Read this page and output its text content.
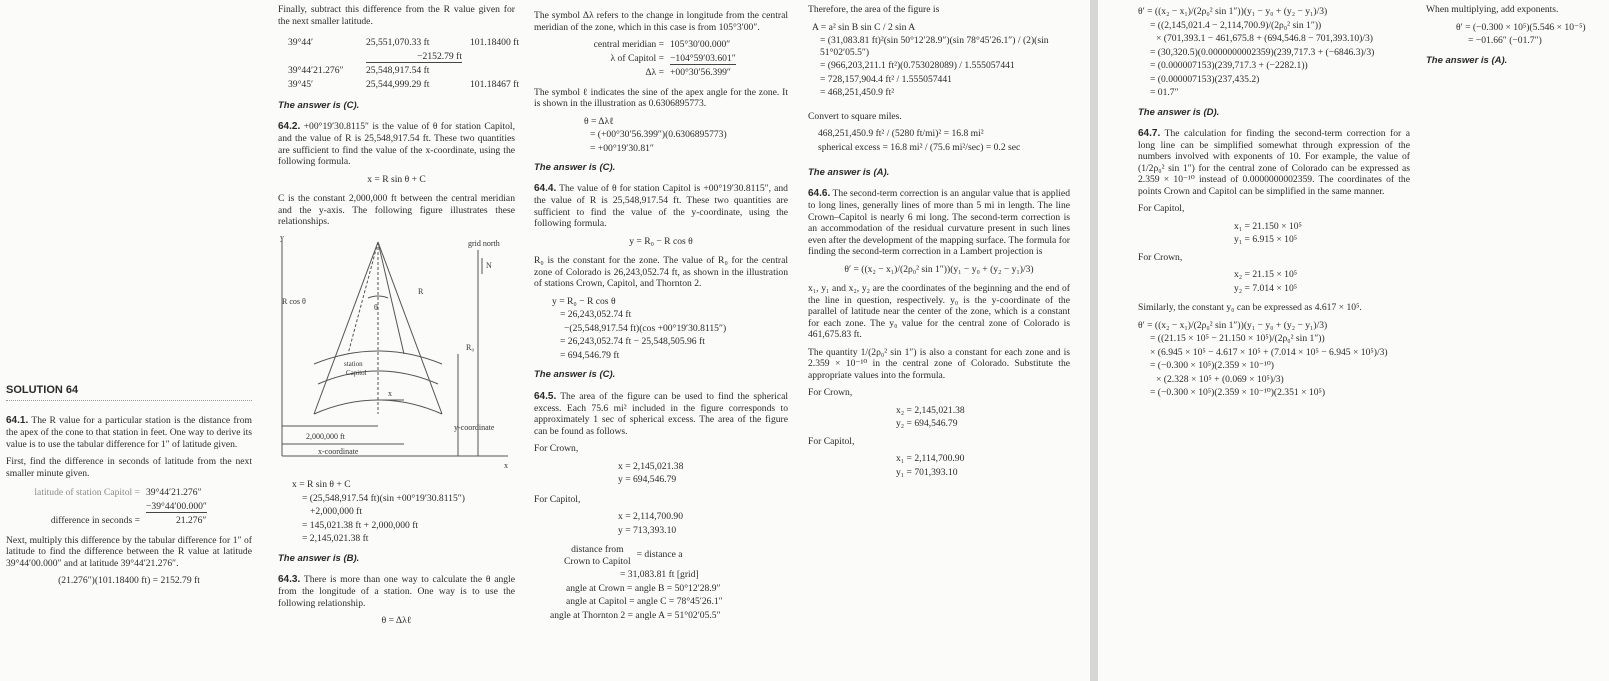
SOLUTION 64

64.1. The R value for a particular station is the distance from the apex of the cone to that station in feet. One way to derive its value is to use the tabular difference for 1″ of latitude given.

First, find the difference in seconds of latitude from the next smaller minute given.

latitude of station Capitol = 39°44′21.276″
−39°44′00.000″
difference in seconds =	21.276″

Next, multiply this difference by the tabular difference for 1″ of latitude to find the difference between the R value at latitude 39°44′00.000″ and at latitude 39°44′21.276″.

(21.276″)(101.18400 ft) = 2152.79 ft

Finally, subtract this difference from the R value given for the next smaller latitude.

39°44′	25,551,070.33 ft	101.18400 ft
−2152.79 ft
39°44′21.276″	25,548,917.54 ft
39°45′	25,544,999.29 ft	101.18467 ft
The answer is (C).

64.2. +00°19′30.8115″ is the value of θ for station Capitol, and the value of R is 25,548,917.54 ft. These two quantities are sufficient to find the value of the x-coordinate, using the following formula.

x = R sin θ + C

C is the constant 2,000,000 ft between the central meridian and the y-axis. The following figure illustrates these relationships.

y
grid north
N
θ
R cos θ
R
R₀
station
Capitol
x
2,000,000 ft
x-coordinate
y-coordinate
x
x = R sin θ + C
= (25,548,917.54 ft)(sin +00°19′30.8115″)
+2,000,000 ft
= 145,021.38 ft + 2,000,000 ft
= 2,145,021.38 ft
The answer is (B).

64.3. There is more than one way to calculate the θ angle from the longitude of a station. One way is to use the following relationship.

θ = Δλℓ

The symbol Δλ refers to the change in longitude from the central meridian of the zone, which in this case is from 105°3′00″.

central meridian = 105°30′00.000″
λ of Capitol = −104°59′03.601″
Δλ = +00°30′56.399″

The symbol ℓ indicates the sine of the apex angle for the zone. It is shown in the illustration as 0.6306895773.

θ = Δλℓ
= (+00°30′56.399″)(0.6306895773)
= +00°19′30.81″
The answer is (C).

64.4. The value of θ for station Capitol is +00°19′30.8115″, and the value of R is 25,548,917.54 ft. These two quantities are sufficient to find the value of the y-coordinate, using the following formula.

y = R₀ − R cos θ

R₀ is the constant for the zone. The value of R₀ for the central zone of Colorado is 26,243,052.74 ft, as shown in the illustration of stations Crown, Capitol, and Thornton 2.

y = R₀ − R cos θ
= 26,243,052.74 ft
−(25,548,917.54 ft)(cos +00°19′30.8115″)
= 26,243,052.74 ft − 25,548,505.96 ft
= 694,546.79 ft
The answer is (C).

64.5. The area of the figure can be used to find the spherical excess. Each 75.6 mi² included in the figure corresponds to approximately 1 sec of spherical excess. The area of the figure can be found as follows.

For Crown,

x = 2,145,021.38
y = 694,546.79

For Capitol,

x = 2,114,700.90
y = 713,393.10
distance from
Crown to Capitol
= distance a
= 31,083.81 ft [grid]
angle at Crown = angle B = 50°12′28.9″
angle at Capitol = angle C = 78°45′26.1″
angle at Thornton 2 = angle A = 51°02′05.5″

Therefore, the area of the figure is

A = a² sin B sin C / 2 sin A
= (31,083.81 ft)²(sin 50°12′28.9″)(sin 78°45′26.1″) / (2)(sin 51°02′05.5″)
= (966,203,211.1 ft²)(0.753028089) / 1.555057441
= 728,157,904.4 ft² / 1.555057441
= 468,251,450.9 ft²

Convert to square miles.

468,251,450.9 ft² / (5280 ft/mi)² = 16.8 mi²
spherical excess = 16.8 mi² / (75.6 mi²/sec) = 0.2 sec
The answer is (A).

64.6. The second-term correction is an angular value that is applied to long lines, generally lines of more than 5 mi in length. The line Crown–Capitol is nearly 6 mi long. The second-term correction is an accommodation of the residual curvature present in such lines even after the development of the mapping surface. The formula for finding the second-term correction in a Lambert projection is

θ′ = ((x₂ − x₁)/(2ρ₀² sin 1″))(y₁ − y₀ + (y₂ − y₁)/3)

x₁, y₁ and x₂, y₂ are the coordinates of the beginning and the end of the line in question, respectively. y₀ is the y-coordinate of the parallel of latitude near the center of the zone, which is a constant for each zone. The y₀ value for the central zone of Colorado is 461,675.83 ft.

The quantity 1/(2ρ₀² sin 1″) is also a constant for each zone and is 2.359 × 10⁻¹⁰ in the central zone of Colorado. Substitute the appropriate values into the formula.

For Crown,

x₂ = 2,145,021.38
y₂ = 694,546.79

For Capitol,

x₁ = 2,114,700.90
y₁ = 701,393.10
θ′ = ((x₂ − x₁)/(2ρ₀² sin 1″))(y₁ − y₀ + (y₂ − y₁)/3)
= ((2,145,021.4 − 2,114,700.9)/(2ρ₀² sin 1″))
× (701,393.1 − 461,675.8 + (694,546.8 − 701,393.10)/3)
= (30,320.5)(0.0000000002359)(239,717.3 + (−6846.3)/3)
= (0.000007153)(239,717.3 + (−2282.1))
= (0.000007153)(237,435.2)
= 01.7″
The answer is (D).

64.7. The calculation for finding the second-term correction for a long line can be simplified somewhat through expression of the numbers involved with exponents of 10. For example, the value of (1/2ρ₀² sin 1″) for the central zone of Colorado can be expressed as 2.359 × 10⁻¹⁰ instead of 0.0000000002359. The coordinates of the points Crown and Capitol can be simplified in the same manner.

For Capitol,

x₁ = 21.150 × 10⁵
y₁ = 6.915 × 10⁵

For Crown,

x₂ = 21.15 × 10⁵
y₂ = 7.014 × 10⁵

Similarly, the constant y₀ can be expressed as 4.617 × 10⁵.

θ′ = ((x₂ − x₁)/(2ρ₀² sin 1″))(y₁ − y₀ + (y₂ − y₁)/3)
= ((21.15 × 10⁵ − 21.150 × 10⁵)/(2ρ₀² sin 1″))
× (6.945 × 10⁵ − 4.617 × 10⁵ + (7.014 × 10⁵ − 6.945 × 10⁵)/3)
= (−0.300 × 10⁵)(2.359 × 10⁻¹⁰)
× (2.328 × 10⁵ + (0.069 × 10⁵)/3)
= (−0.300 × 10⁵)(2.359 × 10⁻¹⁰)(2.351 × 10⁵)

When multiplying, add exponents.

θ′ = (−0.300 × 10⁵)(5.546 × 10⁻⁵)
= −01.66″ (−01.7″)
The answer is (A).
